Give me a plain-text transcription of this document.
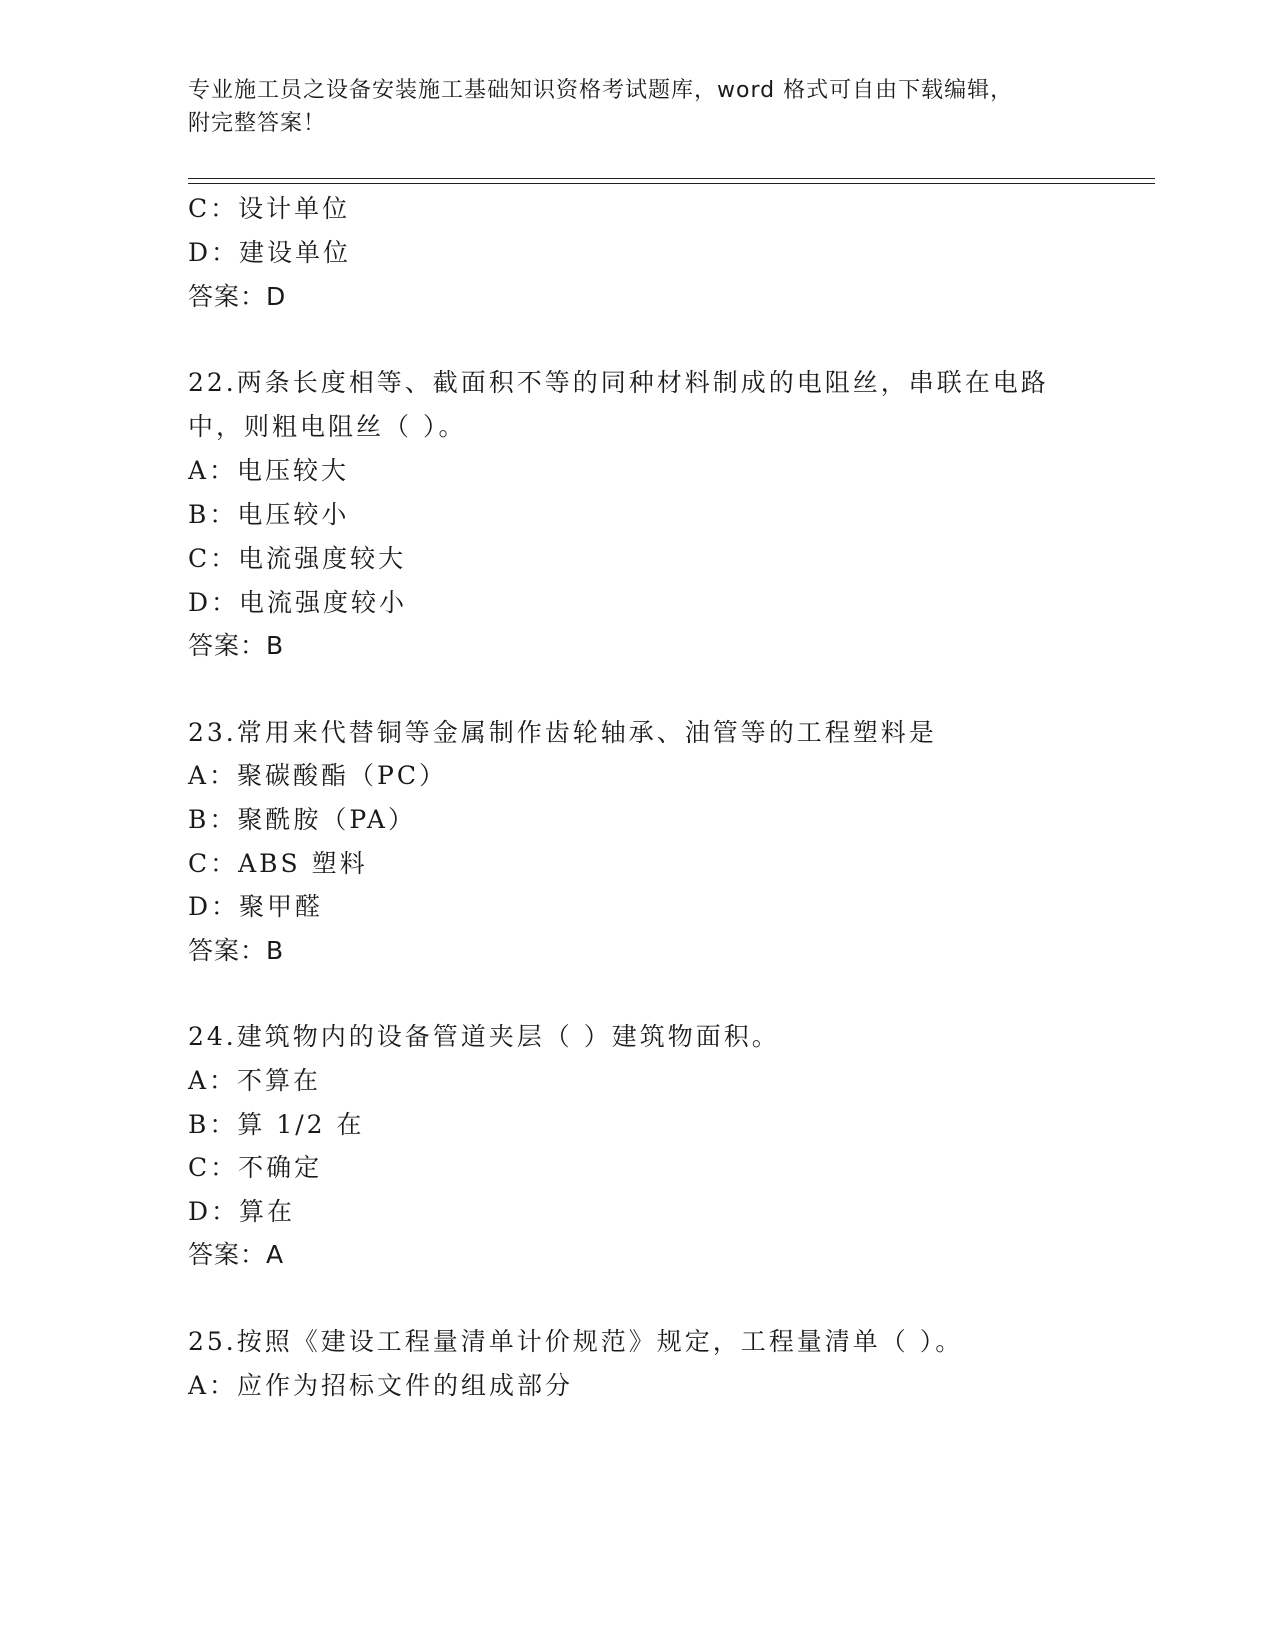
专业施工员之设备安装施工基础知识资格考试题库，word 格式可自由下载编辑，
附完整答案！
C：设计单位
D：建设单位
答案：D
22.两条长度相等、截面积不等的同种材料制成的电阻丝，串联在电路
中，则粗电阻丝（ ）。
A：电压较大
B：电压较小
C：电流强度较大
D：电流强度较小
答案：B
23.常用来代替铜等金属制作齿轮轴承、油管等的工程塑料是
A：聚碳酸酯（PC）
B：聚酰胺（PA）
C：ABS 塑料
D：聚甲醛
答案：B
24.建筑物内的设备管道夹层（ ）建筑物面积。
A：不算在
B：算 1/2 在
C：不确定
D：算在
答案：A
25.按照《建设工程量清单计价规范》规定，工程量清单（ ）。
A：应作为招标文件的组成部分
